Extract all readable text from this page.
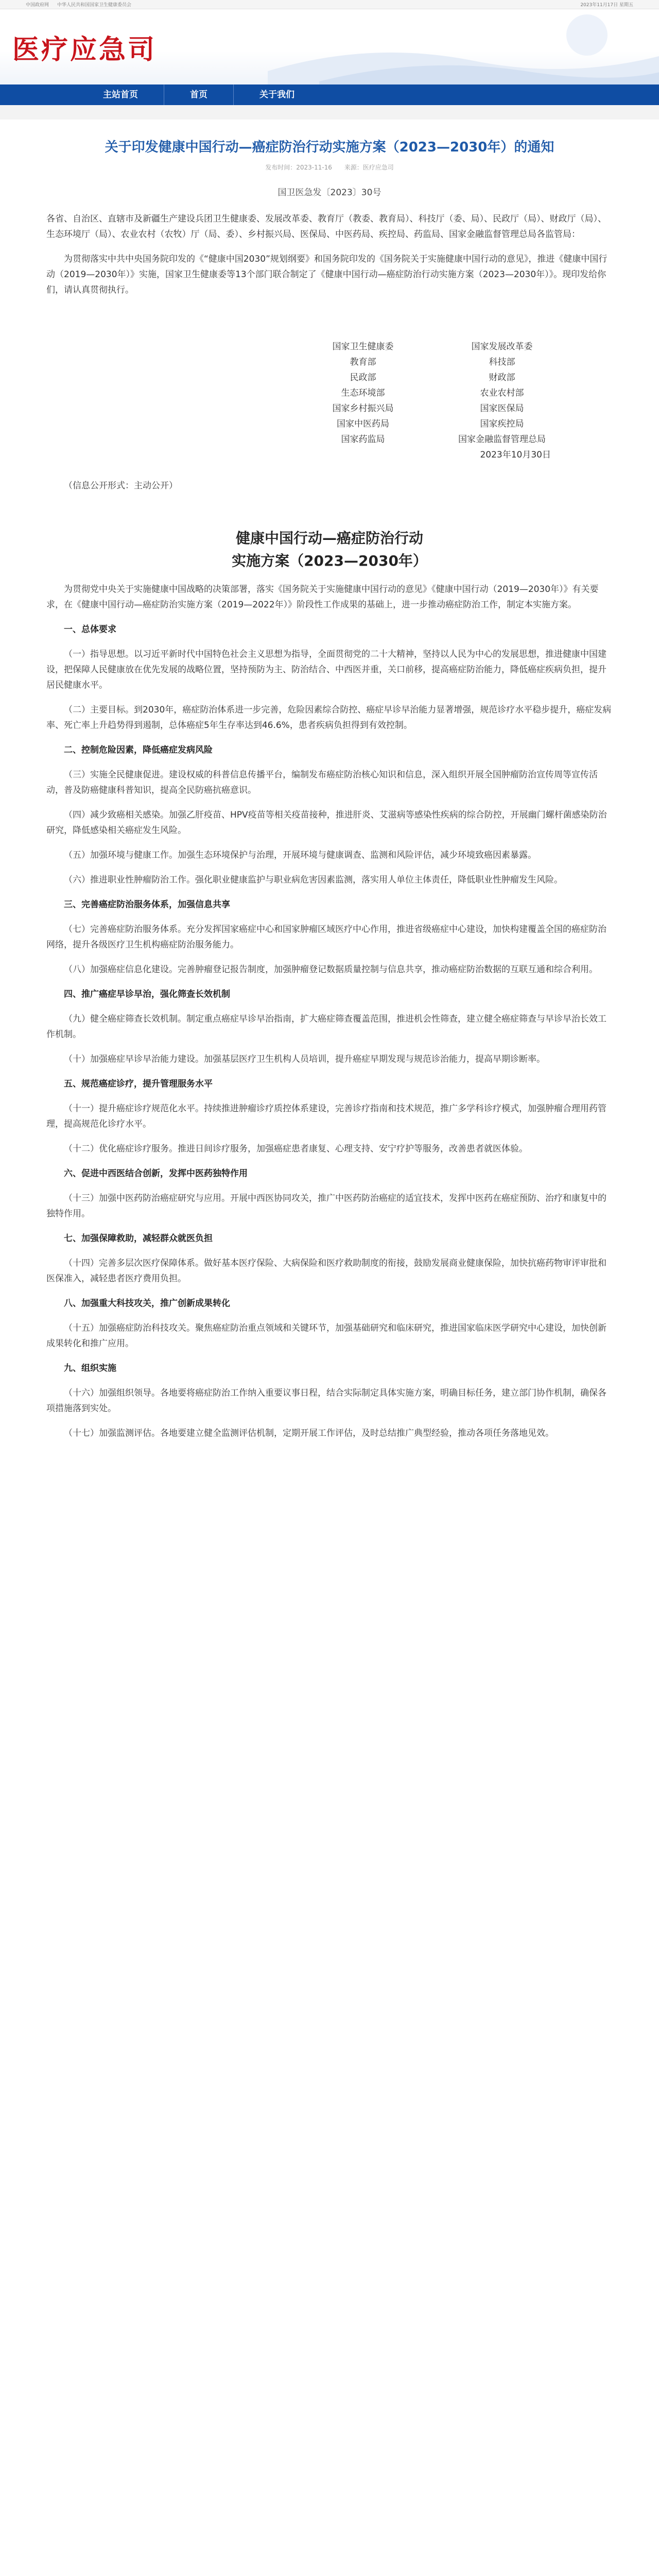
中国政府网 中华人民共和国国家卫生健康委员会	2023年11月17日 星期五
医疗应急司
主站首页	首页	关于我们
关于印发健康中国行动—癌症防治行动实施方案（2023—2030年）的通知
发布时间：2023-11-16 来源：医疗应急司
国卫医急发〔2023〕30号

各省、自治区、直辖市及新疆生产建设兵团卫生健康委、发展改革委、教育厅（教委、教育局）、科技厅（委、局）、民政厅（局）、财政厅（局）、生态环境厅（局）、农业农村（农牧）厅（局、委）、乡村振兴局、医保局、中医药局、疾控局、药监局、国家金融监督管理总局各监管局：

为贯彻落实中共中央国务院印发的《“健康中国2030”规划纲要》和国务院印发的《国务院关于实施健康中国行动的意见》，推进《健康中国行动（2019—2030年）》实施，国家卫生健康委等13个部门联合制定了《健康中国行动—癌症防治行动实施方案（2023—2030年）》。现印发给你们，请认真贯彻执行。

国家卫生健康委	国家发展改革委
教育部	科技部
民政部	财政部
生态环境部	农业农村部
国家乡村振兴局	国家医保局
国家中医药局	国家疾控局
国家药监局	国家金融监督管理总局
2023年10月30日

（信息公开形式：主动公开）

健康中国行动—癌症防治行动
实施方案（2023—2030年）

为贯彻党中央关于实施健康中国战略的决策部署，落实《国务院关于实施健康中国行动的意见》《健康中国行动（2019—2030年）》有关要求，在《健康中国行动—癌症防治实施方案（2019—2022年）》阶段性工作成果的基础上，进一步推动癌症防治工作，制定本实施方案。

一、总体要求

（一）指导思想。以习近平新时代中国特色社会主义思想为指导，全面贯彻党的二十大精神，坚持以人民为中心的发展思想，推进健康中国建设，把保障人民健康放在优先发展的战略位置，坚持预防为主、防治结合、中西医并重，关口前移，提高癌症防治能力，降低癌症疾病负担，提升居民健康水平。

（二）主要目标。到2030年，癌症防治体系进一步完善，危险因素综合防控、癌症早诊早治能力显著增强，规范诊疗水平稳步提升，癌症发病率、死亡率上升趋势得到遏制，总体癌症5年生存率达到46.6%，患者疾病负担得到有效控制。

二、控制危险因素，降低癌症发病风险

（三）实施全民健康促进。建设权威的科普信息传播平台，编制发布癌症防治核心知识和信息，深入组织开展全国肿瘤防治宣传周等宣传活动，普及防癌健康科普知识，提高全民防癌抗癌意识。

（四）减少致癌相关感染。加强乙肝疫苗、HPV疫苗等相关疫苗接种，推进肝炎、艾滋病等感染性疾病的综合防控，开展幽门螺杆菌感染防治研究，降低感染相关癌症发生风险。

（五）加强环境与健康工作。加强生态环境保护与治理，开展环境与健康调查、监测和风险评估，减少环境致癌因素暴露。

（六）推进职业性肿瘤防治工作。强化职业健康监护与职业病危害因素监测，落实用人单位主体责任，降低职业性肿瘤发生风险。

三、完善癌症防治服务体系，加强信息共享

（七）完善癌症防治服务体系。充分发挥国家癌症中心和国家肿瘤区域医疗中心作用，推进省级癌症中心建设，加快构建覆盖全国的癌症防治网络，提升各级医疗卫生机构癌症防治服务能力。

（八）加强癌症信息化建设。完善肿瘤登记报告制度，加强肿瘤登记数据质量控制与信息共享，推动癌症防治数据的互联互通和综合利用。

四、推广癌症早诊早治，强化筛查长效机制

（九）健全癌症筛查长效机制。制定重点癌症早诊早治指南，扩大癌症筛查覆盖范围，推进机会性筛查，建立健全癌症筛查与早诊早治长效工作机制。

（十）加强癌症早诊早治能力建设。加强基层医疗卫生机构人员培训，提升癌症早期发现与规范诊治能力，提高早期诊断率。

五、规范癌症诊疗，提升管理服务水平

（十一）提升癌症诊疗规范化水平。持续推进肿瘤诊疗质控体系建设，完善诊疗指南和技术规范，推广多学科诊疗模式，加强肿瘤合理用药管理，提高规范化诊疗水平。

（十二）优化癌症诊疗服务。推进日间诊疗服务，加强癌症患者康复、心理支持、安宁疗护等服务，改善患者就医体验。

六、促进中西医结合创新，发挥中医药独特作用

（十三）加强中医药防治癌症研究与应用。开展中西医协同攻关，推广中医药防治癌症的适宜技术，发挥中医药在癌症预防、治疗和康复中的独特作用。

七、加强保障救助，减轻群众就医负担

（十四）完善多层次医疗保障体系。做好基本医疗保险、大病保险和医疗救助制度的衔接，鼓励发展商业健康保险，加快抗癌药物审评审批和医保准入，减轻患者医疗费用负担。

八、加强重大科技攻关，推广创新成果转化

（十五）加强癌症防治科技攻关。聚焦癌症防治重点领域和关键环节，加强基础研究和临床研究，推进国家临床医学研究中心建设，加快创新成果转化和推广应用。

九、组织实施

（十六）加强组织领导。各地要将癌症防治工作纳入重要议事日程，结合实际制定具体实施方案，明确目标任务，建立部门协作机制，确保各项措施落到实处。

（十七）加强监测评估。各地要建立健全监测评估机制，定期开展工作评估，及时总结推广典型经验，推动各项任务落地见效。
